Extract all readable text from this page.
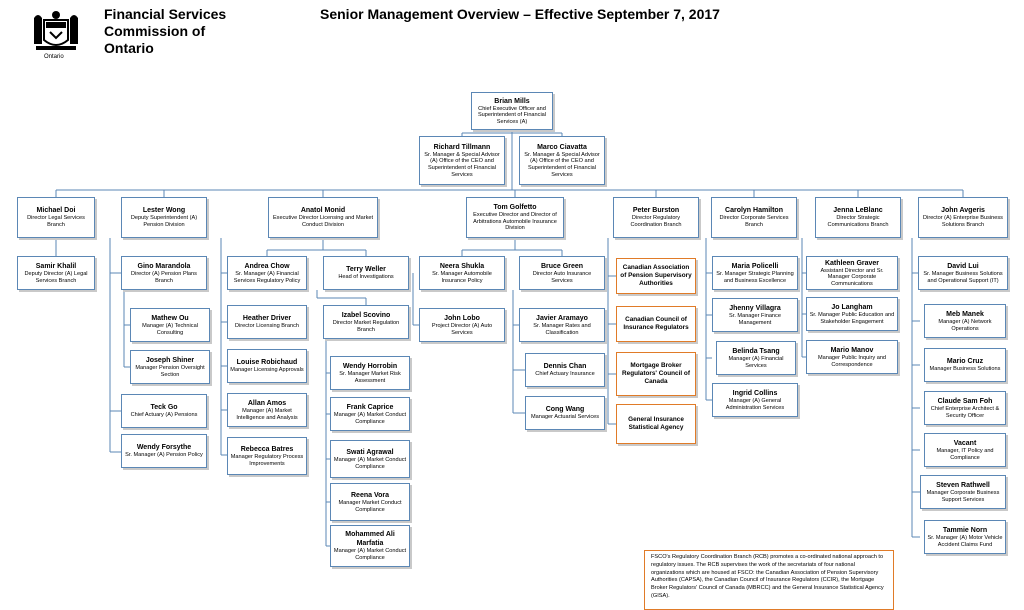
Ontario
Financial Services
Commission of
Ontario
Senior Management Overview – Effective September 7, 2017
Brian Mills
Chief Executive Officer and Superintendent of Financial Services (A)
Richard Tillmann
Sr. Manager & Special Advisor (A) Office of the CEO and Superintendent of Financial Services
Marco Ciavatta
Sr. Manager & Special Advisor (A) Office of the CEO and Superintendent of Financial Services
Michael Doi
Director Legal Services Branch
Lester Wong
Deputy Superintendent (A) Pension Division
Anatol Monid
Executive Director Licensing and Market Conduct Division
Tom Golfetto
Executive Director and Director of Arbitrations Automobile Insurance Division
Peter Burston
Director Regulatory Coordination Branch
Carolyn Hamilton
Director Corporate Services Branch
Jenna LeBlanc
Director Strategic Communications Branch
John Avgeris
Director (A) Enterprise Business Solutions Branch
Samir Khalil
Deputy Director (A) Legal Services Branch
Gino Marandola
Director (A) Pension Plans Branch
Mathew Ou
Manager (A) Technical Consulting
Joseph Shiner
Manager Pension Oversight Section
Teck Go
Chief Actuary (A) Pensions
Wendy Forsythe
Sr. Manager (A) Pension Policy
Andrea Chow
Sr. Manager (A) Financial Services Regulatory Policy
Terry Weller
Head of Investigations
Heather Driver
Director Licensing Branch
Izabel Scovino
Director Market Regulation Branch
Louise Robichaud
Manager Licensing Approvals
Wendy Horrobin
Sr. Manager Market Risk Assessment
Allan Amos
Manager (A) Market Intelligence and Analysis
Frank Caprice
Manager (A) Market Conduct Compliance
Rebecca Batres
Manager Regulatory Process Improvements
Swati Agrawal
Manager (A) Market Conduct Compliance
Reena Vora
Manager Market Conduct Compliance
Mohammed Ali Marfatia
Manager (A) Market Conduct Compliance
Neera Shukla
Sr. Manager Automobile Insurance Policy
Bruce Green
Director Auto Insurance Services
John Lobo
Project Director (A) Auto Services
Javier Aramayo
Sr. Manager Rates and Classification
Dennis Chan
Chief Actuary Insurance
Cong Wang
Manager Actuarial Services
Canadian Association of Pension Supervisory Authorities
Canadian Council of Insurance Regulators
Mortgage Broker Regulators' Council of Canada
General Insurance Statistical Agency
Maria Policelli
Sr. Manager Strategic Planning and Business Excellence
Jhenny Villagra
Sr. Manager Finance Management
Belinda Tsang
Manager (A) Financial Services
Ingrid Collins
Manager (A) General Administration Services
Kathleen Graver
Assistant Director and Sr. Manager Corporate Communications
Jo Langham
Sr. Manager Public Education and Stakeholder Engagement
Mario Manov
Manager Public Inquiry and Correspondence
David Lui
Sr. Manager Business Solutions and Operational Support (IT)
Meb Manek
Manager (A) Network Operations
Mario Cruz
Manager Business Solutions
Claude Sam Foh
Chief Enterprise Architect & Security Officer
Vacant
Manager, IT Policy and Compliance
Steven Rathwell
Manager Corporate Business Support Services
Tammie Norn
Sr. Manager (A) Motor Vehicle Accident Claims Fund
FSCO's Regulatory Coordination Branch (RCB) promotes a co-ordinated national approach to regulatory issues. The RCB supervises the work of the secretariats of four national organizations which are housed at FSCO: the Canadian Association of Pension Supervisory Authorities (CAPSA), the Canadian Council of Insurance Regulators (CCIR), the Mortgage Broker Regulators' Council of Canada (MBRCC) and the General Insurance Statistical Agency (GISA).
